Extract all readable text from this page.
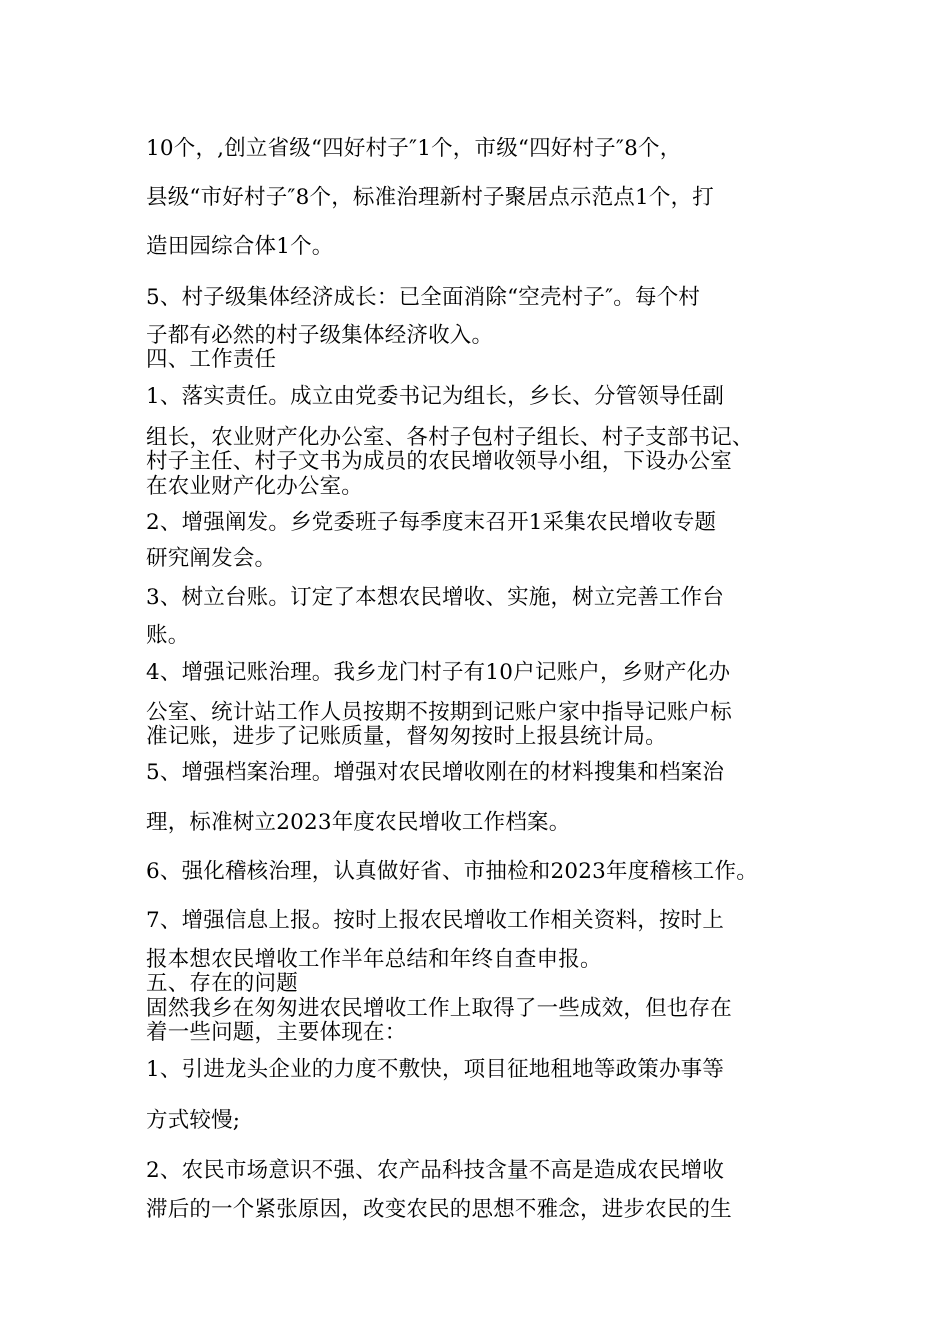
10个，,创立省级“四好村子″1个，市级“四好村子″8个，
县级“市好村子″8个，标准治理新村子聚居点示范点1个，打
造田园综合体1个。
5、村子级集体经济成长：已全面消除“空壳村子″。每个村
子都有必然的村子级集体经济收入。
四、工作责任
1、落实责任。成立由党委书记为组长，乡长、分管领导任副
组长，农业财产化办公室、各村子包村子组长、村子支部书记、
村子主任、村子文书为成员的农民增收领导小组，下设办公室
在农业财产化办公室。
2、增强阐发。乡党委班子每季度末召开1采集农民增收专题
研究阐发会。
3、树立台账。订定了本想农民增收、实施，树立完善工作台
账。
4、增强记账治理。我乡龙门村子有10户记账户，乡财产化办
公室、统计站工作人员按期不按期到记账户家中指导记账户标
准记账，进步了记账质量，督匆匆按时上报县统计局。
5、增强档案治理。增强对农民增收刚在的材料搜集和档案治
理，标准树立2023年度农民增收工作档案。
6、强化稽核治理，认真做好省、市抽检和2023年度稽核工作。
7、增强信息上报。按时上报农民增收工作相关资料，按时上
报本想农民增收工作半年总结和年终自查申报。
五、存在的问题
固然我乡在匆匆进农民增收工作上取得了一些成效，但也存在
着一些问题，主要体现在：
1、引进龙头企业的力度不敷快，项目征地租地等政策办事等
方式较慢;
2、农民市场意识不强、农产品科技含量不高是造成农民增收
滞后的一个紧张原因，改变农民的思想不雅念，进步农民的生
